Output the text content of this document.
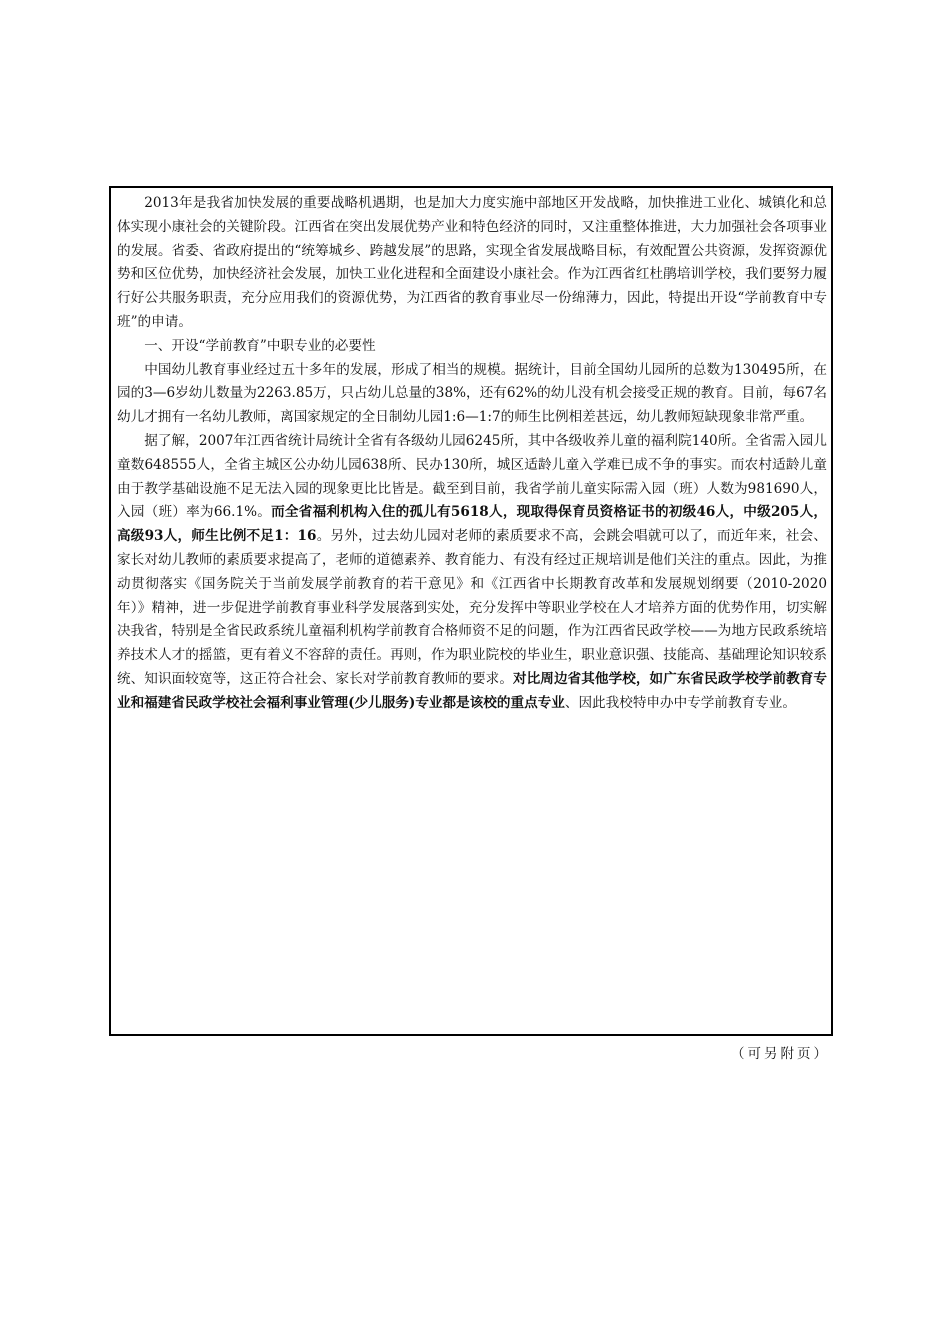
2013年是我省加快发展的重要战略机遇期，也是加大力度实施中部地区开发战略，加快推进工业化、城镇化和总体实现小康社会的关键阶段。江西省在突出发展优势产业和特色经济的同时，又注重整体推进，大力加强社会各项事业的发展。省委、省政府提出的“统筹城乡、跨越发展”的思路，实现全省发展战略目标，有效配置公共资源，发挥资源优势和区位优势，加快经济社会发展，加快工业化进程和全面建设小康社会。作为江西省红杜鹃培训学校，我们要努力履行好公共服务职责，充分应用我们的资源优势，为江西省的教育事业尽一份绵薄力，因此，特提出开设“学前教育中专班”的申请。

一、开设“学前教育”中职专业的必要性

中国幼儿教育事业经过五十多年的发展，形成了相当的规模。据统计，目前全国幼儿园所的总数为130495所，在园的3—6岁幼儿数量为2263.85万，只占幼儿总量的38%，还有62%的幼儿没有机会接受正规的教育。目前，每67名幼儿才拥有一名幼儿教师，离国家规定的全日制幼儿园1:6—1:7的师生比例相差甚远，幼儿教师短缺现象非常严重。

据了解，2007年江西省统计局统计全省有各级幼儿园6245所，其中各级收养儿童的福利院140所。全省需入园儿童数648555人，全省主城区公办幼儿园638所、民办130所，城区适龄儿童入学难已成不争的事实。而农村适龄儿童由于教学基础设施不足无法入园的现象更比比皆是。截至到目前，我省学前儿童实际需入园（班）人数为981690人，入园（班）率为66.1%。而全省福利机构入住的孤儿有5618人，现取得保育员资格证书的初级46人，中级205人，高级93人，师生比例不足1：16。另外，过去幼儿园对老师的素质要求不高，会跳会唱就可以了，而近年来，社会、家长对幼儿教师的素质要求提高了，老师的道德素养、教育能力、有没有经过正规培训是他们关注的重点。因此，为推动贯彻落实《国务院关于当前发展学前教育的若干意见》和《江西省中长期教育改革和发展规划纲要（2010-2020年）》精神，进一步促进学前教育事业科学发展落到实处，充分发挥中等职业学校在人才培养方面的优势作用，切实解决我省，特别是全省民政系统儿童福利机构学前教育合格师资不足的问题，作为江西省民政学校——为地方民政系统培养技术人才的摇篮，更有着义不容辞的责任。再则，作为职业院校的毕业生，职业意识强、技能高、基础理论知识较系统、知识面较宽等，这正符合社会、家长对学前教育教师的要求。对比周边省其他学校，如广东省民政学校学前教育专业和福建省民政学校社会福利事业管理(少儿服务)专业都是该校的重点专业、因此我校特申办中专学前教育专业。

（可另附页）
